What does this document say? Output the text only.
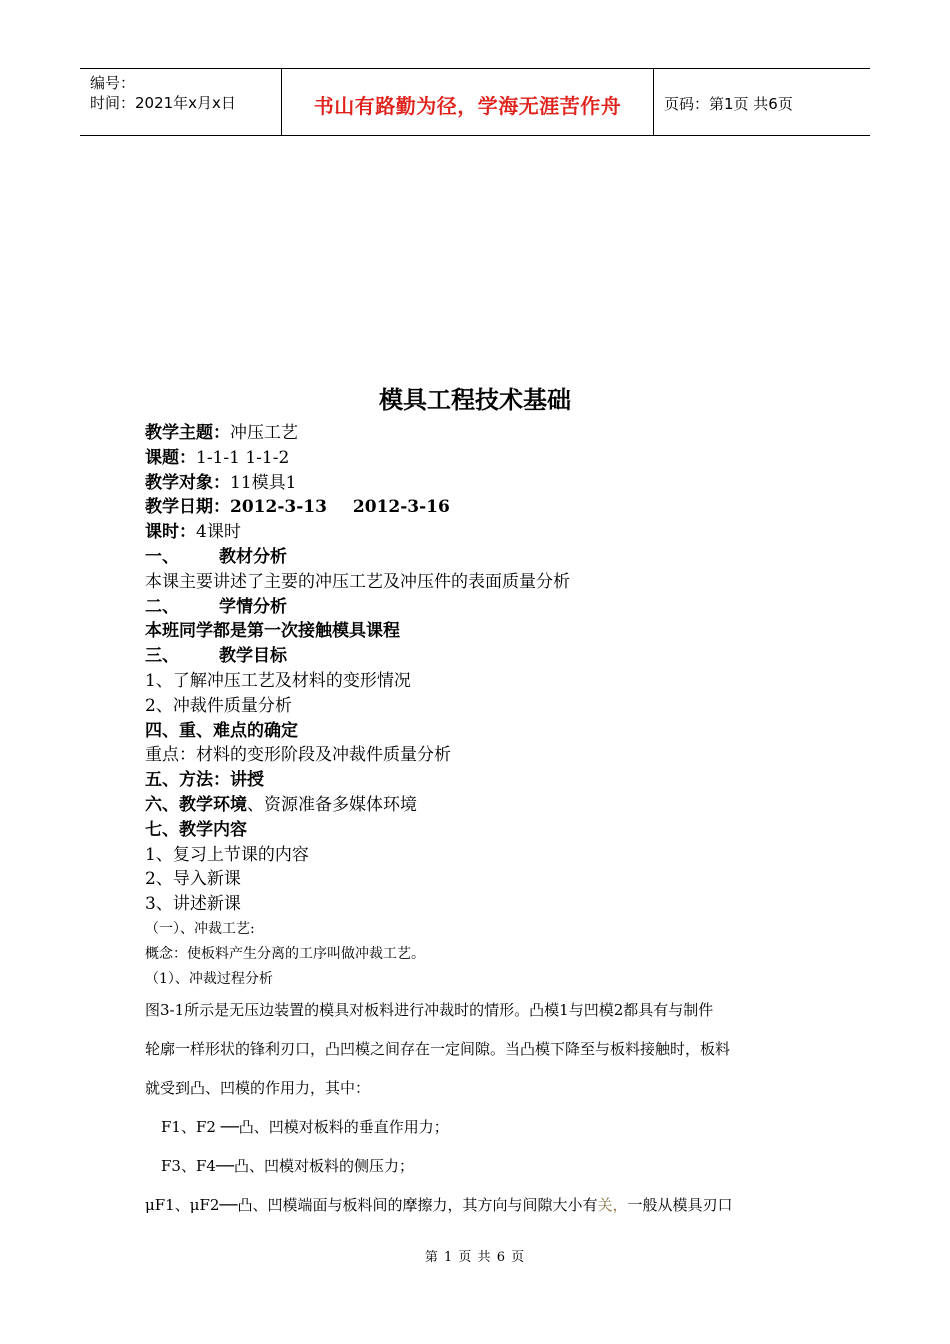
编号：
时间：2021年x月x日	书山有路勤为径，学海无涯苦作舟	页码：第1页 共6页
模具工程技术基础
教学主题：冲压工艺
课题：1-1-1 1-1-2
教学对象：11模具1
教学日期：2012-3-13 2012-3-16
课时：4课时
一、 教材分析
本课主要讲述了主要的冲压工艺及冲压件的表面质量分析
二、 学情分析
本班同学都是第一次接触模具课程
三、 教学目标
1、了解冲压工艺及材料的变形情况
2、冲裁件质量分析
四、重、难点的确定
重点：材料的变形阶段及冲裁件质量分析
五、方法：讲授
六、教学环境、资源准备多媒体环境
七、教学内容
1、复习上节课的内容
2、导入新课
3、讲述新课
（一）、冲裁工艺:
概念：使板料产生分离的工序叫做冲裁工艺。
（1）、冲裁过程分析
图3-1所示是无压边装置的模具对板料进行冲裁时的情形。凸模1与凹模2都具有与制件
轮廓一样形状的锋利刃口，凸凹模之间存在一定间隙。当凸模下降至与板料接触时，板料
就受到凸、凹模的作用力，其中：
F1、F2 ──凸、凹模对板料的垂直作用力；
F3、F4──凸、凹模对板料的侧压力；
μF1、μF2──凸、凹模端面与板料间的摩擦力，其方向与间隙大小有关，一般从模具刃口
第 1 页 共 6 页
